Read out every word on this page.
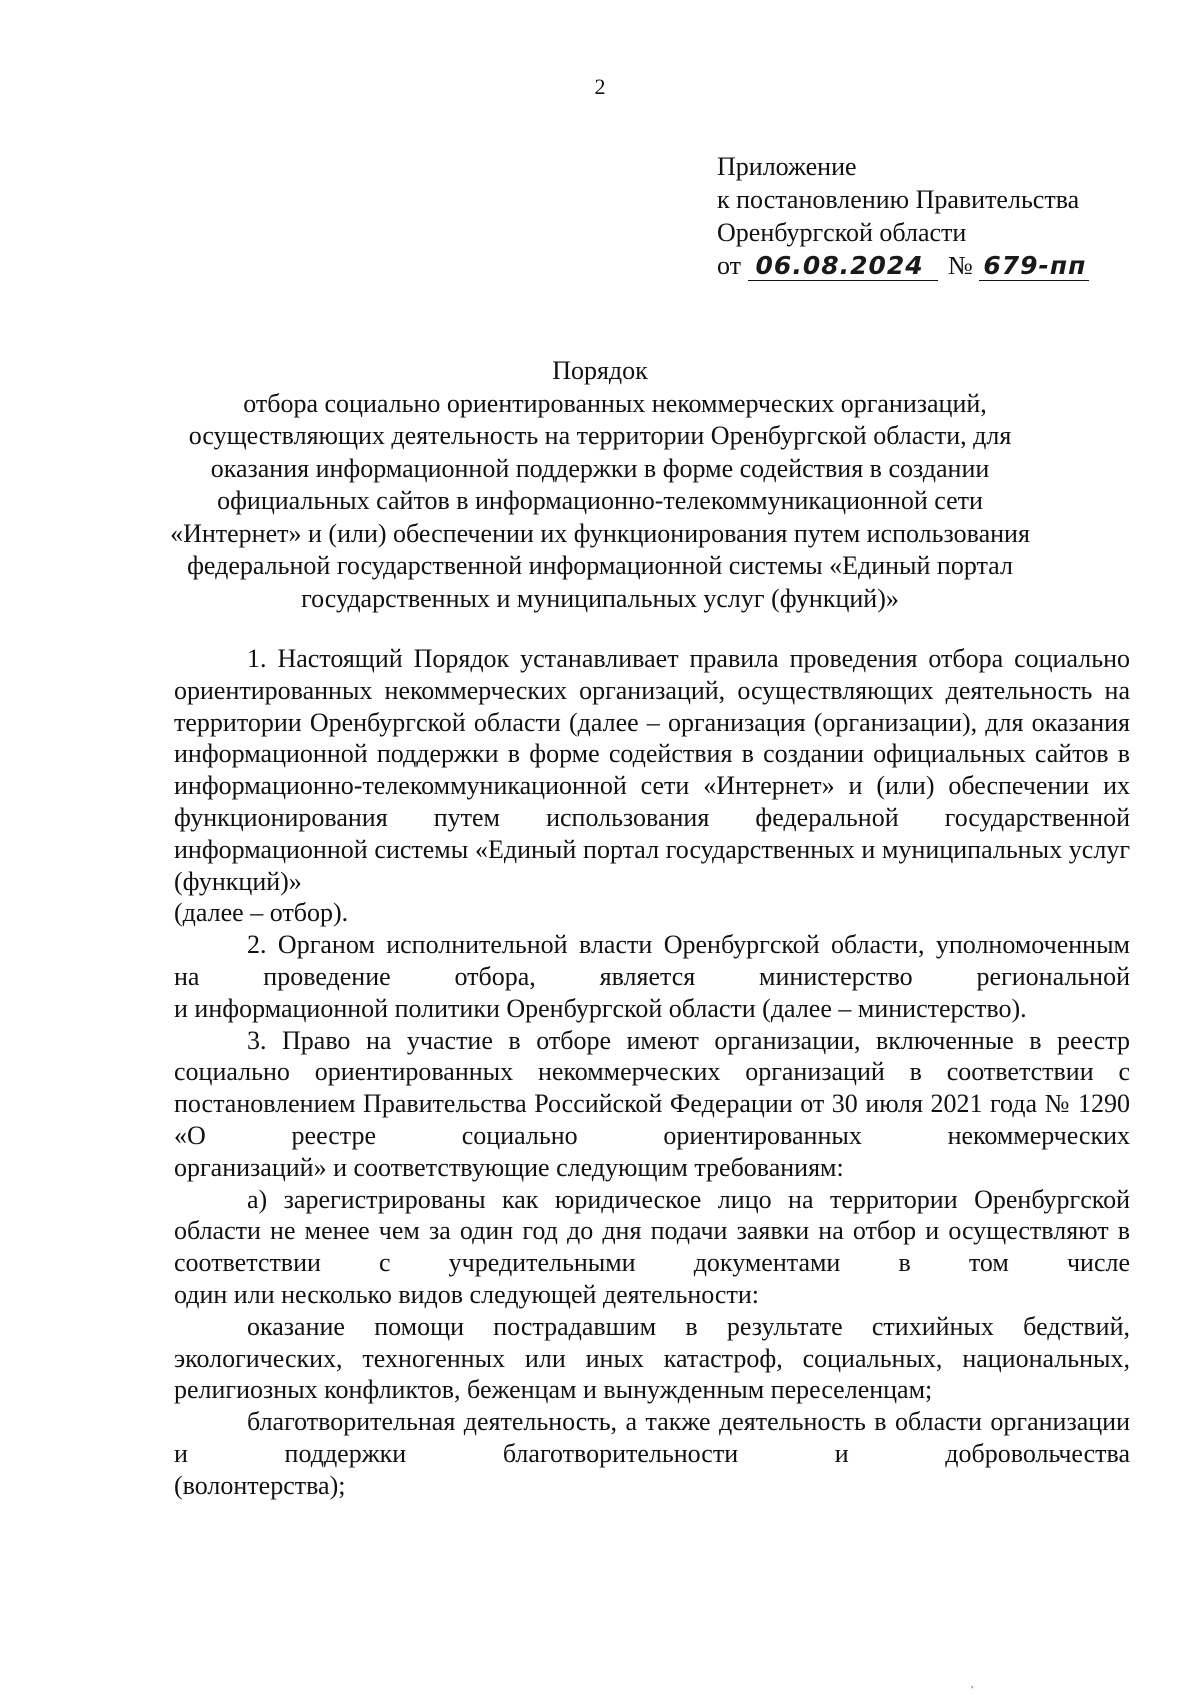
2
Приложение
к постановлению Правительства
Оренбургской области
от 06.08.2024 № 679-пп
Порядок
отбора социально ориентированных некоммерческих организаций,
осуществляющих деятельность на территории Оренбургской области, для
оказания информационной поддержки в форме содействия в создании
официальных сайтов в информационно-телекоммуникационной сети
«Интернет» и (или) обеспечении их функционирования путем использования
федеральной государственной информационной системы «Единый портал
государственных и муниципальных услуг (функций)»

1. Настоящий Порядок устанавливает правила проведения отбора социально ориентированных некоммерческих организаций, осуществляющих деятельность на территории Оренбургской области (далее – организация (организации), для оказания информационной поддержки в форме содействия в создании официальных сайтов в информационно-телекоммуникационной сети «Интернет» и (или) обеспечении их функционирования путем использования федеральной государственной информационной системы «Единый портал государственных и муниципальных услуг (функций)»
(далее – отбор).

2. Органом исполнительной власти Оренбургской области, уполномоченным на проведение отбора, является министерство региональной
и информационной политики Оренбургской области (далее – министерство).

3. Право на участие в отборе имеют организации, включенные в реестр социально ориентированных некоммерческих организаций в соответствии с постановлением Правительства Российской Федерации от 30 июля 2021 года № 1290 «О реестре социально ориентированных некоммерческих
организаций» и соответствующие следующим требованиям:

а) зарегистрированы как юридическое лицо на территории Оренбургской области не менее чем за один год до дня подачи заявки на отбор и осуществляют в соответствии с учредительными документами в том числе
один или несколько видов следующей деятельности:

оказание помощи пострадавшим в результате стихийных бедствий, экологических, техногенных или иных катастроф, социальных, национальных,
религиозных конфликтов, беженцам и вынужденным переселенцам;

благотворительная деятельность, а также деятельность в области организации и поддержки благотворительности и добровольчества
(волонтерства);

ˏ
